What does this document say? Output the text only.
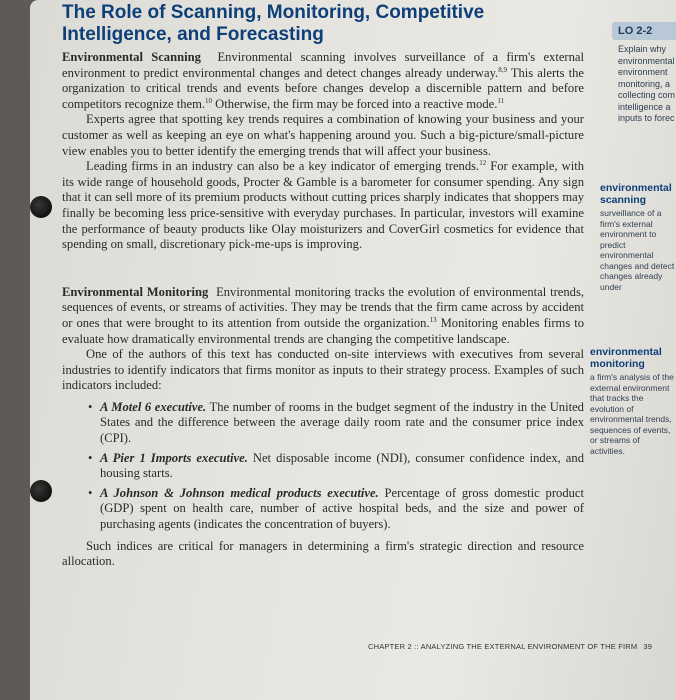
The Role of Scanning, Monitoring, Competitive Intelligence, and Forecasting

Environmental Scanning Environmental scanning involves surveillance of a firm's external environment to predict environmental changes and detect changes already underway.$^{8,9}$ This alerts the organization to critical trends and events before changes develop a discernible pattern and before competitors recognize them.$^{10}$ Otherwise, the firm may be forced into a reactive mode.$^{11}$

Experts agree that spotting key trends requires a combination of knowing your business and your customer as well as keeping an eye on what's happening around you. Such a big-picture/small-picture view enables you to better identify the emerging trends that will affect your business.

Leading firms in an industry can also be a key indicator of emerging trends.$^{12}$ For example, with its wide range of household goods, Procter & Gamble is a barometer for consumer spending. Any sign that it can sell more of its premium products without cutting prices sharply indicates that shoppers may finally be becoming less price-sensitive with everyday purchases. In particular, investors will examine the performance of beauty products like Olay moisturizers and CoverGirl cosmetics for evidence that spending on small, discretionary pick-me-ups is improving.

Environmental Monitoring Environmental monitoring tracks the evolution of environmental trends, sequences of events, or streams of activities. They may be trends that the firm came across by accident or ones that were brought to its attention from outside the organization.$^{13}$ Monitoring enables firms to evaluate how dramatically environmental trends are changing the competitive landscape.

One of the authors of this text has conducted on-site interviews with executives from several industries to identify indicators that firms monitor as inputs to their strategy process. Examples of such indicators included:

• A Motel 6 executive. The number of rooms in the budget segment of the industry in the United States and the difference between the average daily room rate and the consumer price index (CPI).
• A Pier 1 Imports executive. Net disposable income (NDI), consumer confidence index, and housing starts.
• A Johnson & Johnson medical products executive. Percentage of gross domestic product (GDP) spent on health care, number of active hospital beds, and the size and power of purchasing agents (indicates the concentration of buyers).

Such indices are critical for managers in determining a firm's strategic direction and resource allocation.

LO 2-2
Explain why environmental environment monitoring, a collecting com intelligence a inputs to forec
environmental scanning
surveillance of a firm's external environment to predict environmental changes and detect changes already under
environmental monitoring
a firm's analysis of the external environment that tracks the evolution of environmental trends, sequences of events, or streams of activities.
CHAPTER 2 :: ANALYZING THE EXTERNAL ENVIRONMENT OF THE FIRM 39
